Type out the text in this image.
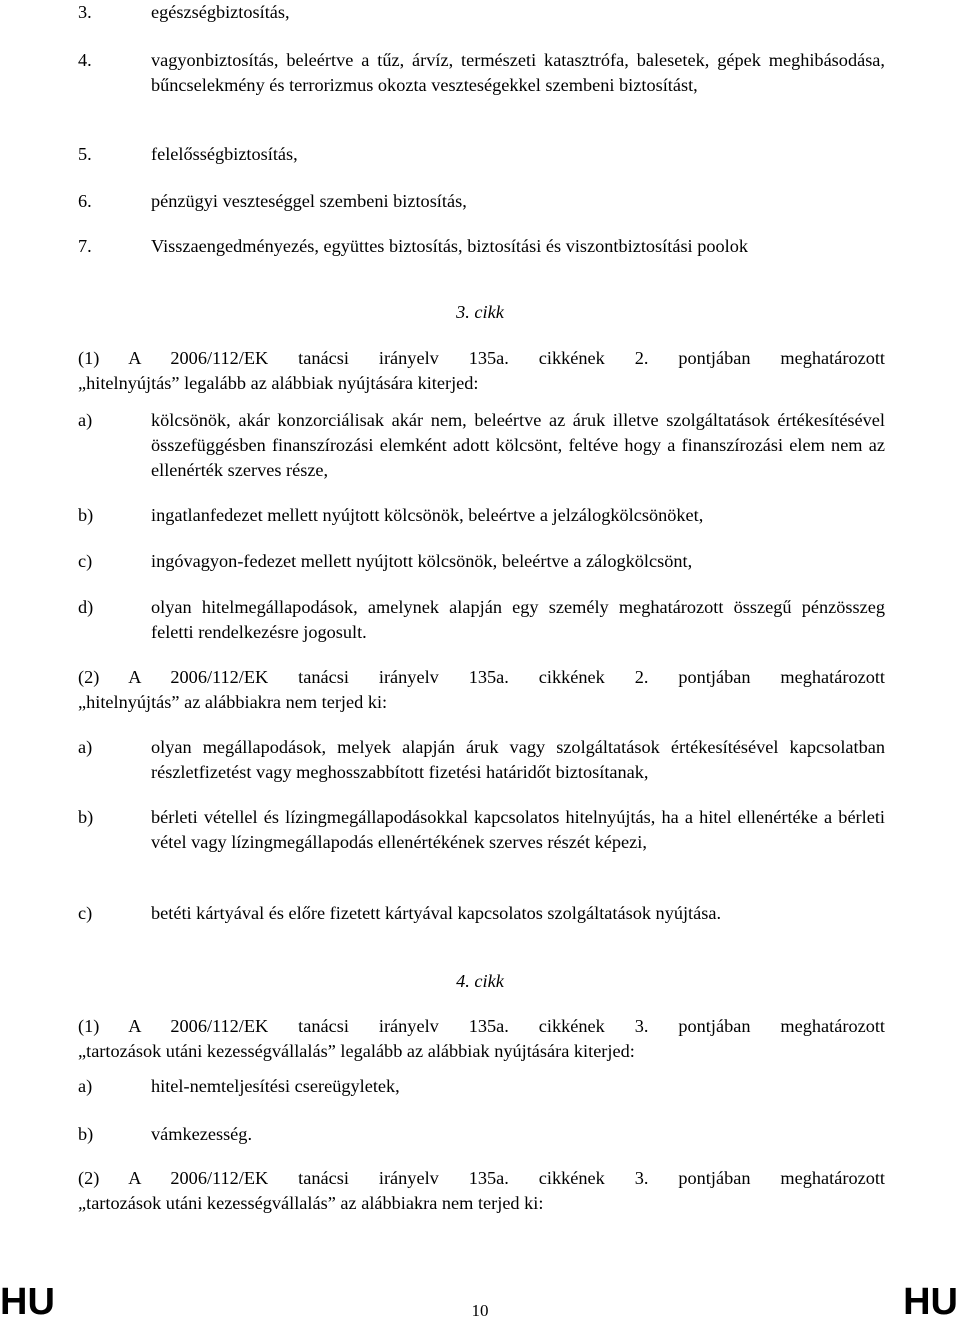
3.	egészségbiztosítás,
4.	vagyonbiztosítás, beleértve a tűz, árvíz, természeti katasztrófa, balesetek, gépek meghibásodása, bűncselekmény és terrorizmus okozta veszteségekkel szembeni biztosítást,
5.	felelősségbiztosítás,
6.	pénzügyi veszteséggel szembeni biztosítás,
7.	Visszaengedményezés, együttes biztosítás, biztosítási és viszontbiztosítási poolok
3. cikk
(1) A 2006/112/EK tanácsi irányelv 135a. cikkének 2. pontjában meghatározott
„hitelnyújtás” legalább az alábbiak nyújtására kiterjed:
a)	kölcsönök, akár konzorciálisak akár nem, beleértve az áruk illetve szolgáltatások értékesítésével összefüggésben finanszírozási elemként adott kölcsönt, feltéve hogy a finanszírozási elem nem az ellenérték szerves része,
b)	ingatlanfedezet mellett nyújtott kölcsönök, beleértve a jelzálogkölcsönöket,
c)	ingóvagyon-fedezet mellett nyújtott kölcsönök, beleértve a zálogkölcsönt,
d)	olyan hitelmegállapodások, amelynek alapján egy személy meghatározott összegű pénzösszeg feletti rendelkezésre jogosult.
(2) A 2006/112/EK tanácsi irányelv 135a. cikkének 2. pontjában meghatározott
„hitelnyújtás” az alábbiakra nem terjed ki:
a)	olyan megállapodások, melyek alapján áruk vagy szolgáltatások értékesítésével kapcsolatban részletfizetést vagy meghosszabbított fizetési határidőt biztosítanak,
b)	bérleti vétellel és lízingmegállapodásokkal kapcsolatos hitelnyújtás, ha a hitel ellenértéke a bérleti vétel vagy lízingmegállapodás ellenértékének szerves részét képezi,
c)	betéti kártyával és előre fizetett kártyával kapcsolatos szolgáltatások nyújtása.
4. cikk
(1) A 2006/112/EK tanácsi irányelv 135a. cikkének 3. pontjában meghatározott
„tartozások utáni kezességvállalás” legalább az alábbiak nyújtására kiterjed:
a)	hitel-nemteljesítési csereügyletek,
b)	vámkezesség.
(2) A 2006/112/EK tanácsi irányelv 135a. cikkének 3. pontjában meghatározott
„tartozások utáni kezességvállalás” az alábbiakra nem terjed ki:
HU	10	HU
